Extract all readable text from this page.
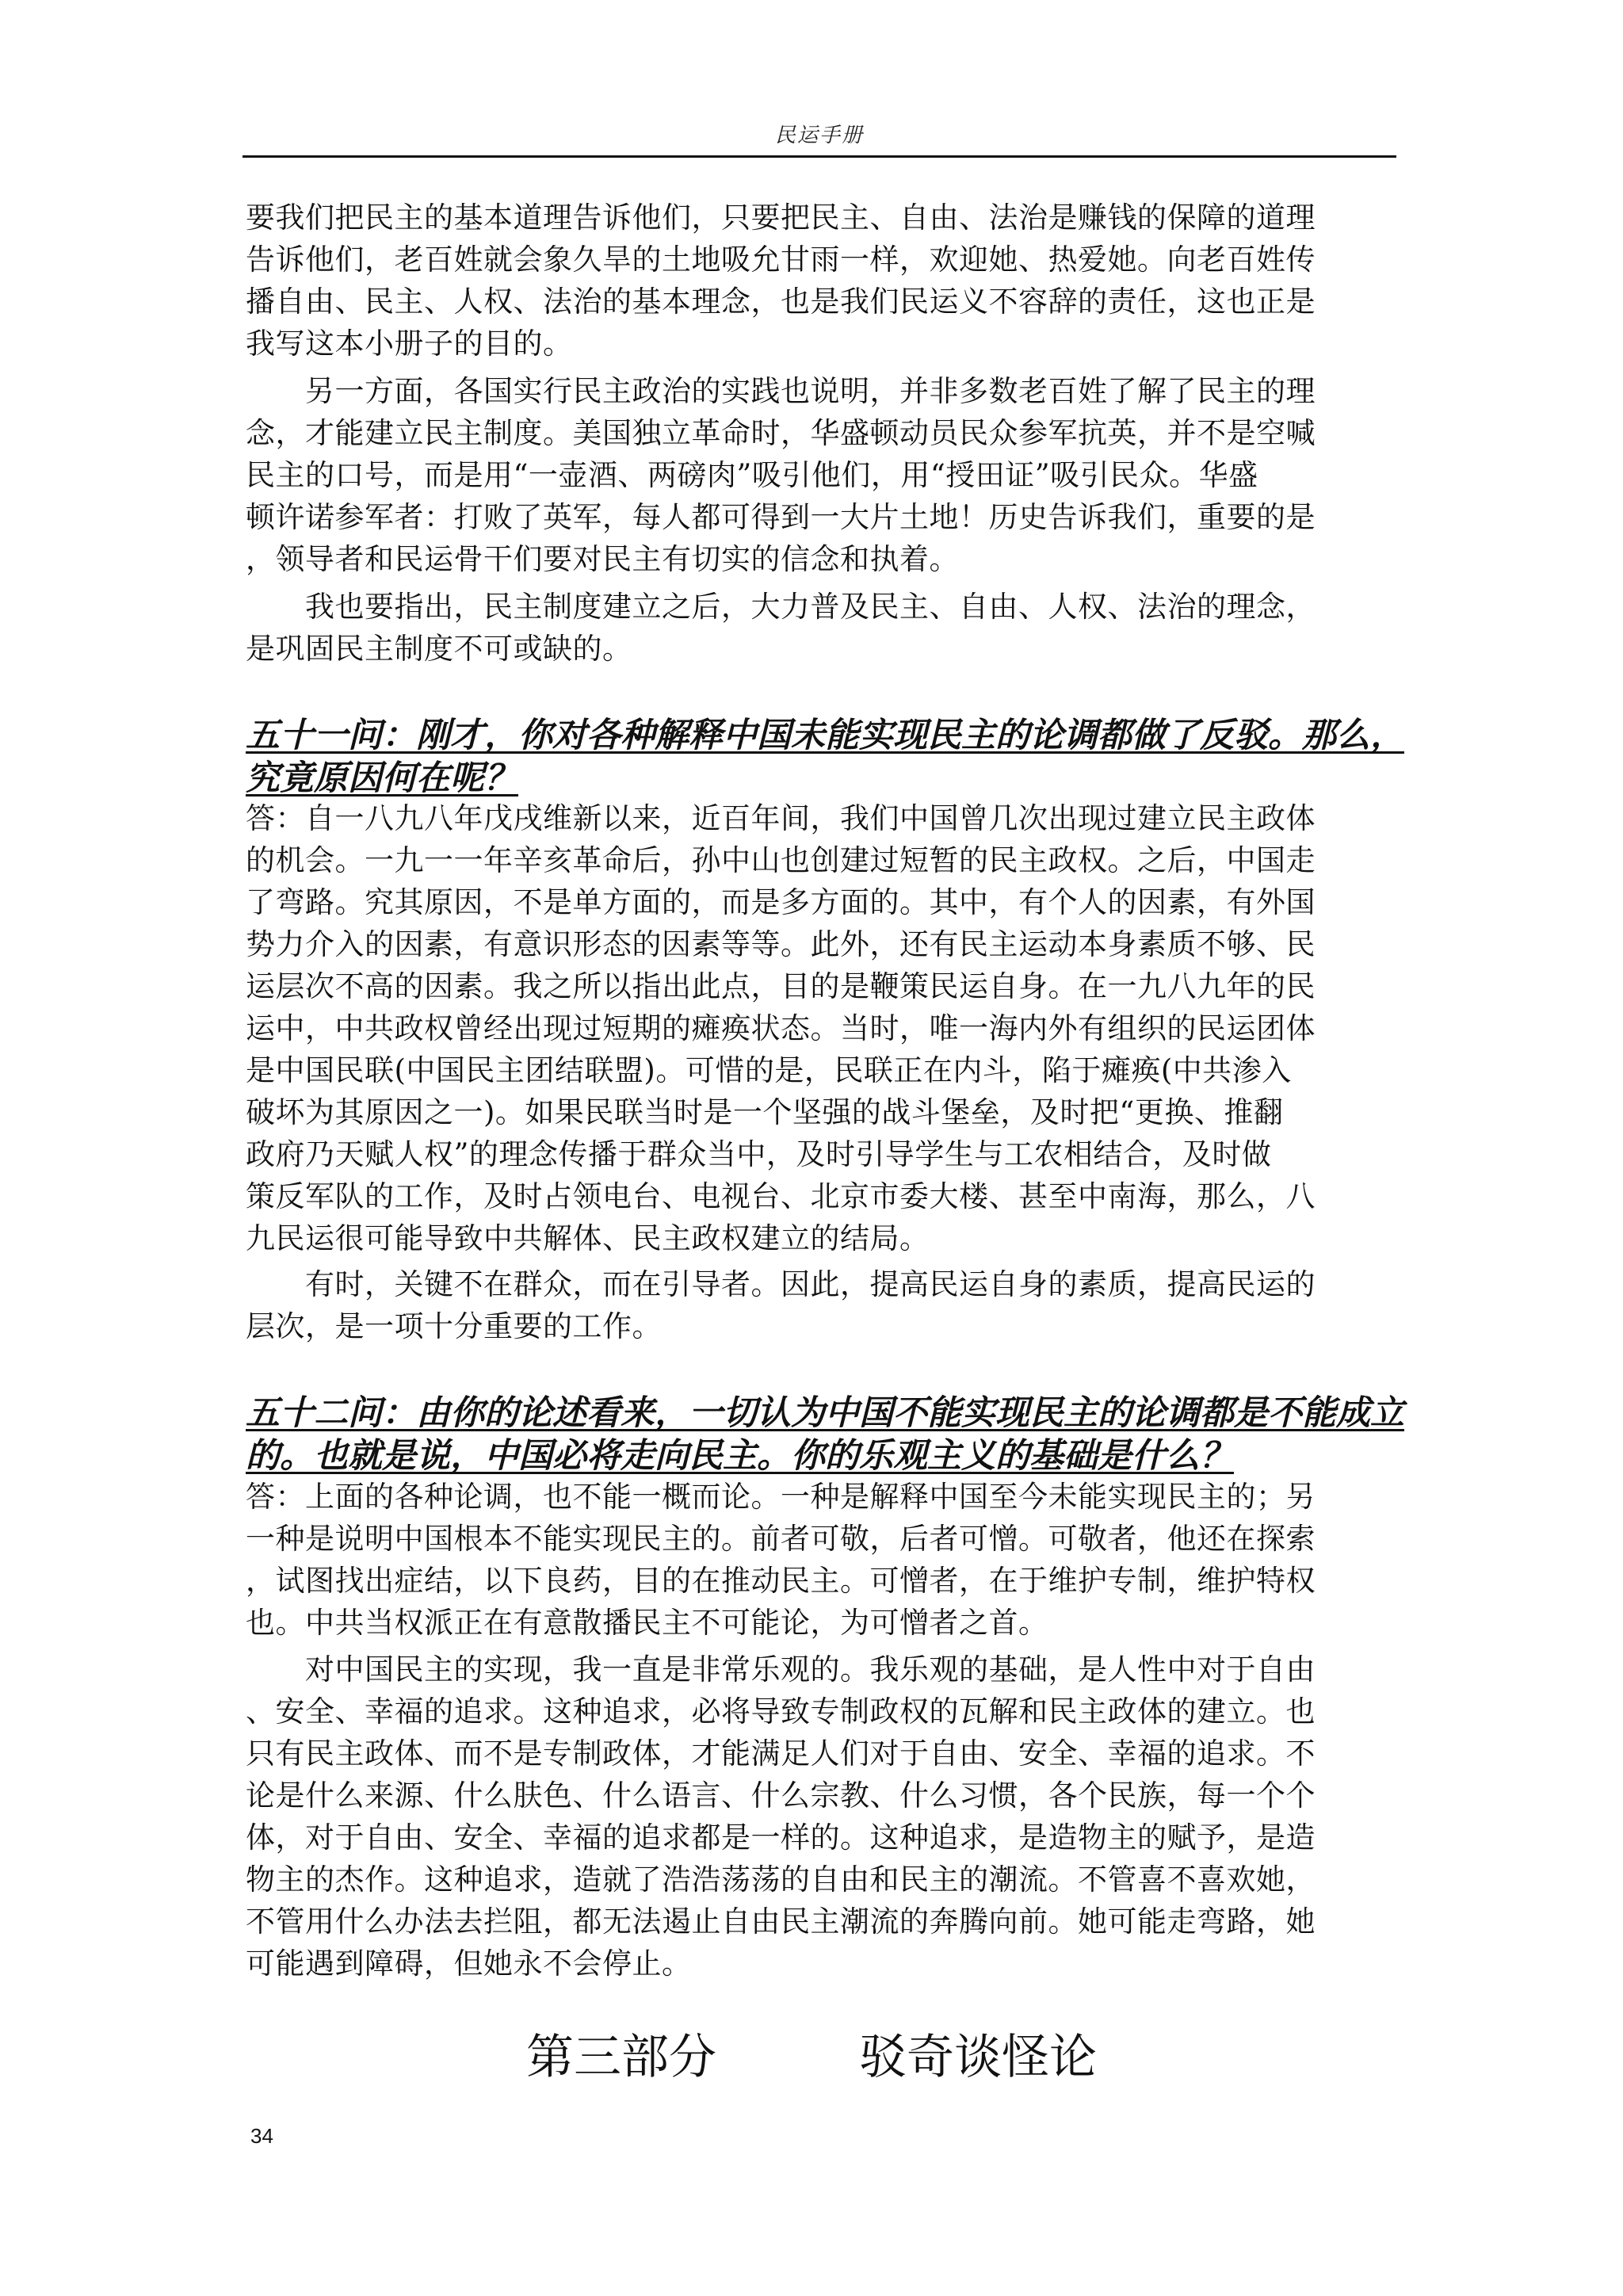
民运手册
要我们把民主的基本道理告诉他们，只要把民主、自由、法治是赚钱的保障的道理
告诉他们，老百姓就会象久旱的土地吸允甘雨一样，欢迎她、热爱她。向老百姓传
播自由、民主、人权、法治的基本理念，也是我们民运义不容辞的责任，这也正是
我写这本小册子的目的。
　　另一方面，各国实行民主政治的实践也说明，并非多数老百姓了解了民主的理
念，才能建立民主制度。美国独立革命时，华盛顿动员民众参军抗英，并不是空喊
民主的口号，而是用“一壶酒、两磅肉”吸引他们，用“授田证”吸引民众。华盛
顿许诺参军者：打败了英军，每人都可得到一大片土地！历史告诉我们，重要的是
，领导者和民运骨干们要对民主有切实的信念和执着。
　　我也要指出，民主制度建立之后，大力普及民主、自由、人权、法治的理念，
是巩固民主制度不可或缺的。
五十一问：刚才，你对各种解释中国未能实现民主的论调都做了反驳。那么，
究竟原因何在呢？
答：自一八九八年戊戌维新以来，近百年间，我们中国曾几次出现过建立民主政体
的机会。一九一一年辛亥革命后，孙中山也创建过短暂的民主政权。之后，中国走
了弯路。究其原因，不是单方面的，而是多方面的。其中，有个人的因素，有外国
势力介入的因素，有意识形态的因素等等。此外，还有民主运动本身素质不够、民
运层次不高的因素。我之所以指出此点，目的是鞭策民运自身。在一九八九年的民
运中，中共政权曾经出现过短期的瘫痪状态。当时，唯一海内外有组织的民运团体
是中国民联(中国民主团结联盟)。可惜的是，民联正在内斗，陷于瘫痪(中共渗入
破坏为其原因之一)。如果民联当时是一个坚强的战斗堡垒，及时把“更换、推翻
政府乃天赋人权”的理念传播于群众当中，及时引导学生与工农相结合，及时做
策反军队的工作，及时占领电台、电视台、北京市委大楼、甚至中南海，那么，八
九民运很可能导致中共解体、民主政权建立的结局。
　　有时，关键不在群众，而在引导者。因此，提高民运自身的素质，提高民运的
层次，是一项十分重要的工作。
五十二问：由你的论述看来，一切认为中国不能实现民主的论调都是不能成立
的。也就是说，中国必将走向民主。你的乐观主义的基础是什么？
答：上面的各种论调，也不能一概而论。一种是解释中国至今未能实现民主的；另
一种是说明中国根本不能实现民主的。前者可敬，后者可憎。可敬者，他还在探索
，试图找出症结，以下良药，目的在推动民主。可憎者，在于维护专制，维护特权
也。中共当权派正在有意散播民主不可能论，为可憎者之首。
　　对中国民主的实现，我一直是非常乐观的。我乐观的基础，是人性中对于自由
、安全、幸福的追求。这种追求，必将导致专制政权的瓦解和民主政体的建立。也
只有民主政体、而不是专制政体，才能满足人们对于自由、安全、幸福的追求。不
论是什么来源、什么肤色、什么语言、什么宗教、什么习惯，各个民族，每一个个
体，对于自由、安全、幸福的追求都是一样的。这种追求，是造物主的赋予，是造
物主的杰作。这种追求，造就了浩浩荡荡的自由和民主的潮流。不管喜不喜欢她，
不管用什么办法去拦阻，都无法遏止自由民主潮流的奔腾向前。她可能走弯路，她
可能遇到障碍，但她永不会停止。
第三部分　　　驳奇谈怪论
34
